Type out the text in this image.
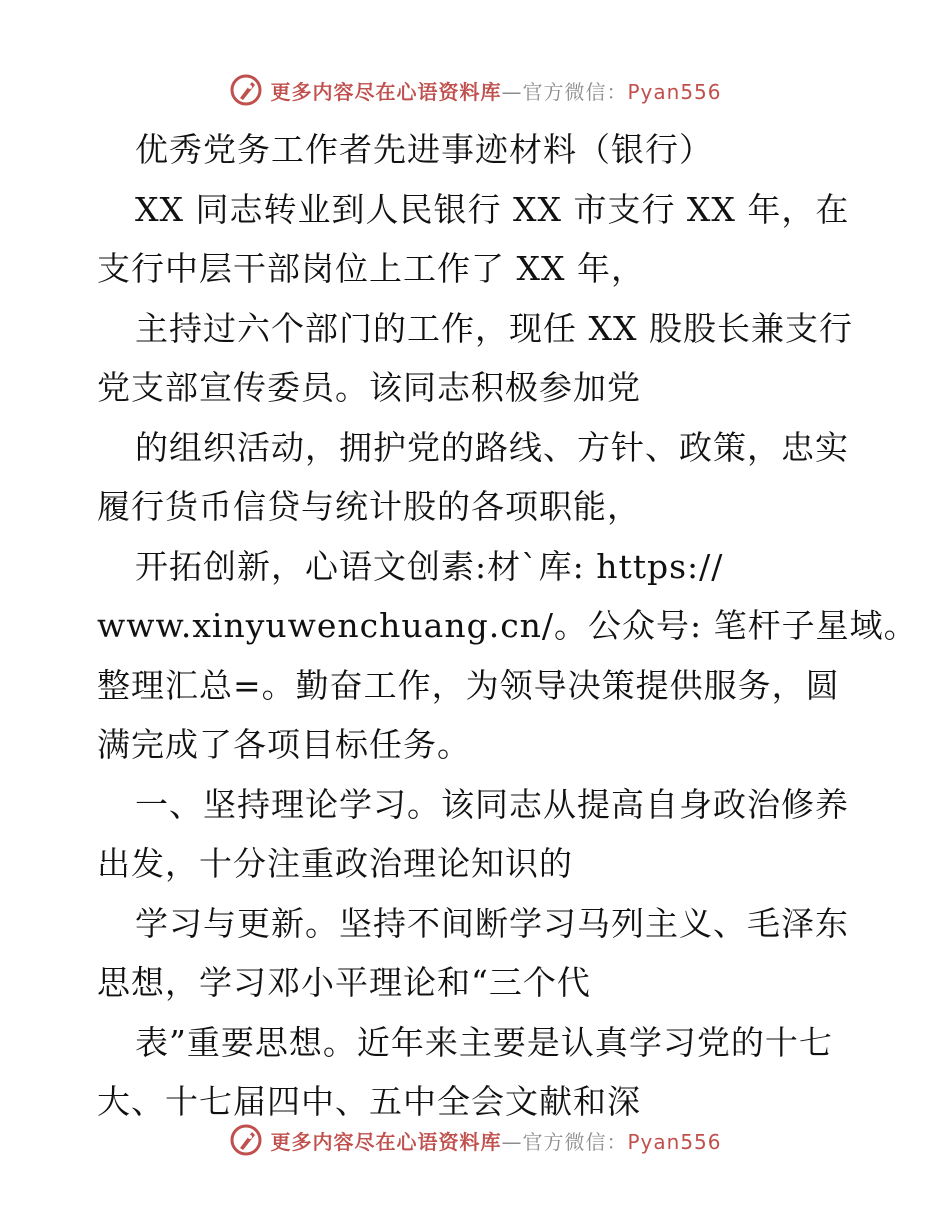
更多内容尽在心语资料库—官方微信：Pyan556
优秀党务工作者先进事迹材料（银行）
XX 同志转业到人民银行 XX 市支行 XX 年，在
支行中层干部岗位上工作了 XX 年，
主持过六个部门的工作，现任 XX 股股长兼支行
党支部宣传委员。该同志积极参加党
的组织活动，拥护党的路线、方针、政策，忠实
履行货币信贷与统计股的各项职能，
开拓创新，心语文创素:材`库: https://
www.xinyuwenchuang.cn/。公众号: 笔杆子星域。
整理汇总=。勤奋工作，为领导决策提供服务，圆
满完成了各项目标任务。
一、坚持理论学习。该同志从提高自身政治修养
出发，十分注重政治理论知识的
学习与更新。坚持不间断学习马列主义、毛泽东
思想，学习邓小平理论和“三个代
表”重要思想。近年来主要是认真学习党的十七
大、十七届四中、五中全会文献和深
更多内容尽在心语资料库—官方微信：Pyan556
